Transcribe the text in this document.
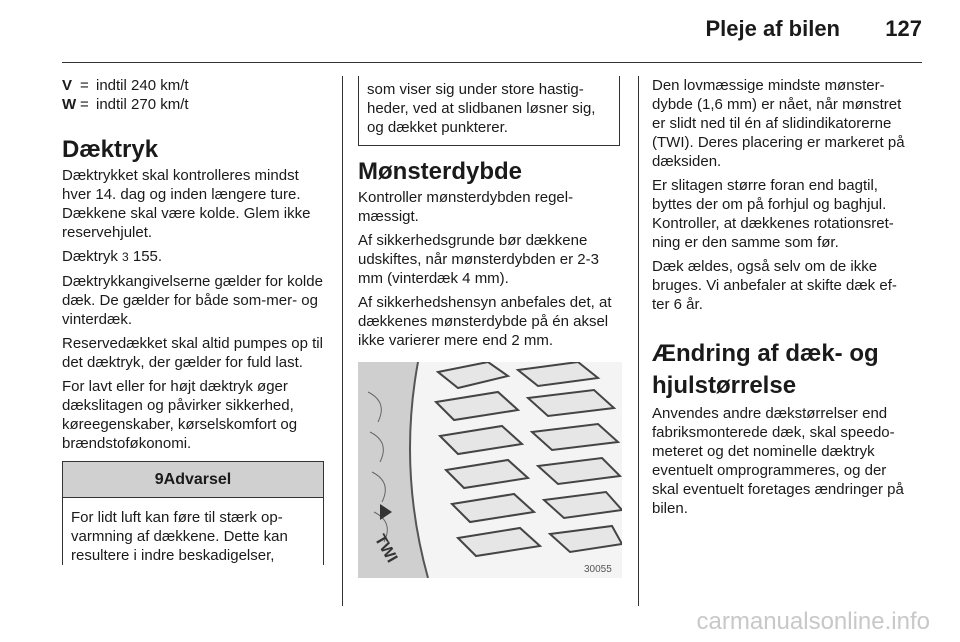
Pleje af bilen 127
V = indtil 240 km/t
W = indtil 270 km/t
Dæktryk

Dæktrykket skal kontrolleres mindst hver 14. dag og inden længere ture. Dækkene skal være kolde. Glem ikke reservehjulet.

Dæktryk 3 155.

Dæktrykkangivelserne gælder for kolde dæk. De gælder for både som-mer- og vinterdæk.

Reservedækket skal altid pumpes op til det dæktryk, der gælder for fuld last.

For lavt eller for højt dæktryk øger dækslitagen og påvirker sikkerhed, køreegenskaber, kørselskomfort og brændstoføkonomi.

9Advarsel
For lidt luft kan føre til stærk op-varmning af dækkene. Dette kan resultere i indre beskadigelser,
som viser sig under store hastig-heder, ved at slidbanen løsner sig, og dækket punkterer.
Mønsterdybde

Kontroller mønsterdybden regel-mæssigt.

Af sikkerhedsgrunde bør dækkene udskiftes, når mønsterdybden er 2-3 mm (vinterdæk 4 mm).

Af sikkerhedshensyn anbefales det, at dækkenes mønsterdybde på én aksel ikke varierer mere end 2 mm.

TWI
30055

Den lovmæssige mindste mønster-dybde (1,6 mm) er nået, når mønstret er slidt ned til én af slidindikatorerne (TWI). Deres placering er markeret på dæksiden.

Er slitagen større foran end bagtil, byttes der om på forhjul og baghjul. Kontroller, at dækkenes rotationsret-ning er den samme som før.

Dæk ældes, også selv om de ikke bruges. Vi anbefaler at skifte dæk ef-ter 6 år.

Ændring af dæk- og hjulstørrelse

Anvendes andre dækstørrelser end fabriksmonterede dæk, skal speedo-meteret og det nominelle dæktryk eventuelt omprogrammeres, og der skal eventuelt foretages ændringer på bilen.

carmanualsonline.info
